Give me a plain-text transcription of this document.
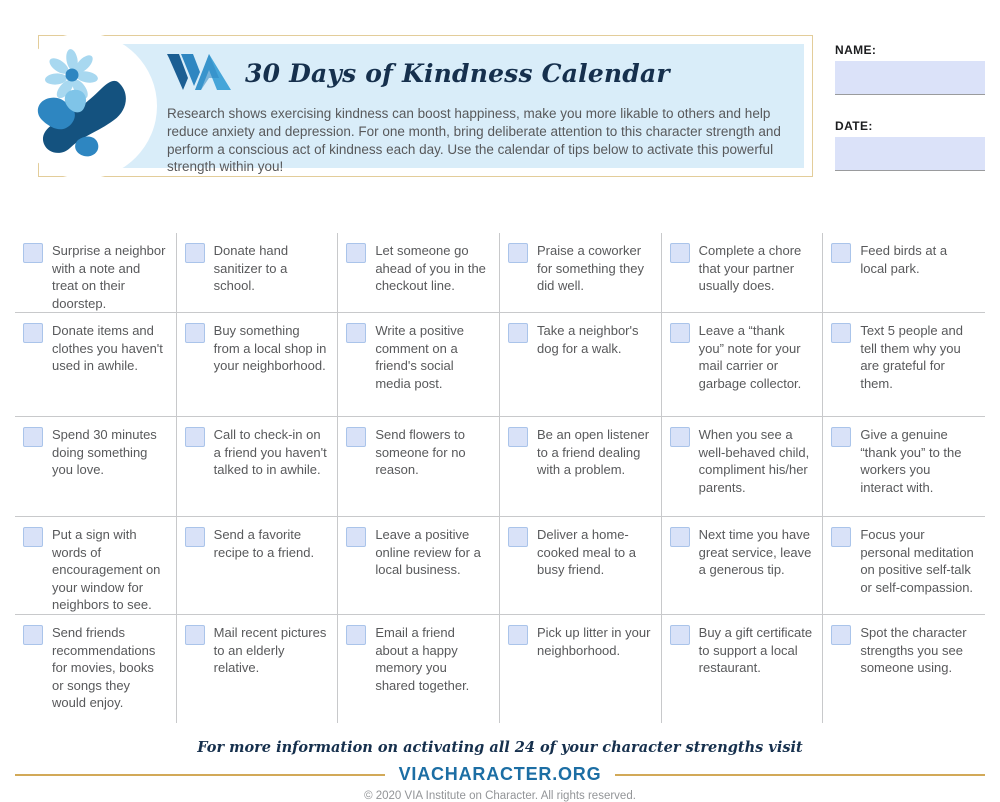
30 Days of Kindness Calendar
Research shows exercising kindness can boost happiness, make you more likable to others and help reduce anxiety and depression. For one month, bring deliberate attention to this character strength and perform a conscious act of kindness each day. Use the calendar of tips below to activate this powerful strength within you!
NAME:
DATE:
Surprise a neighbor with a note and treat on their doorstep.
Donate hand sanitizer to a school.
Let someone go ahead of you in the checkout line.
Praise a coworker for something they did well.
Complete a chore that your partner usually does.
Feed birds at a local park.
Donate items and clothes you haven't used in awhile.
Buy something from a local shop in your neighborhood.
Write a positive comment on a friend's social media post.
Take a neighbor's dog for a walk.
Leave a “thank you” note for your mail carrier or garbage collector.
Text 5 people and tell them why you are grateful for them.
Spend 30 minutes doing something you love.
Call to check-in on a friend you haven't talked to in awhile.
Send flowers to someone for no reason.
Be an open listener to a friend dealing with a problem.
When you see a well-behaved child, compliment his/her parents.
Give a genuine “thank you” to the workers you interact with.
Put a sign with words of encouragement on your window for neighbors to see.
Send a favorite recipe to a friend.
Leave a positive online review for a local business.
Deliver a home-cooked meal to a busy friend.
Next time you have great service, leave a generous tip.
Focus your personal meditation on positive self-talk or self-compassion.
Send friends recommendations for movies, books or songs they would enjoy.
Mail recent pictures to an elderly relative.
Email a friend about a happy memory you shared together.
Pick up litter in your neighborhood.
Buy a gift certificate to support a local restaurant.
Spot the character strengths you see someone using.
For more information on activating all 24 of your character strengths visit
VIACHARACTER.ORG
© 2020 VIA Institute on Character. All rights reserved.
